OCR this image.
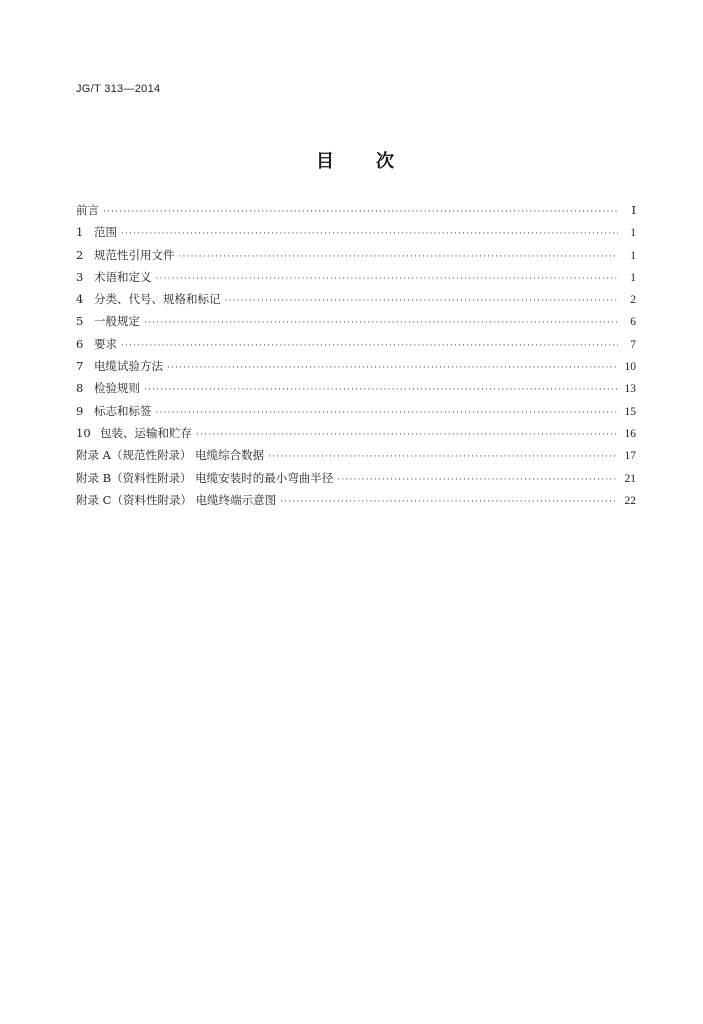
JG/T 313—2014
目 次
前言 ·····	Ⅰ
1 范围 ·····	1
2 规范性引用文件 ·····	1
3 术语和定义 ·····	1
4 分类、代号、规格和标记 ·····	2
5 一般规定 ·····	6
6 要求 ·····	7
7 电缆试验方法 ·····	10
8 检验规则 ·····	13
9 标志和标签 ·····	15
10 包装、运输和贮存 ·····	16
附录 A（规范性附录） 电缆综合数据 ·····	17
附录 B（资料性附录） 电缆安装时的最小弯曲半径 ·····	21
附录 C（资料性附录） 电缆终端示意图 ·····	22
